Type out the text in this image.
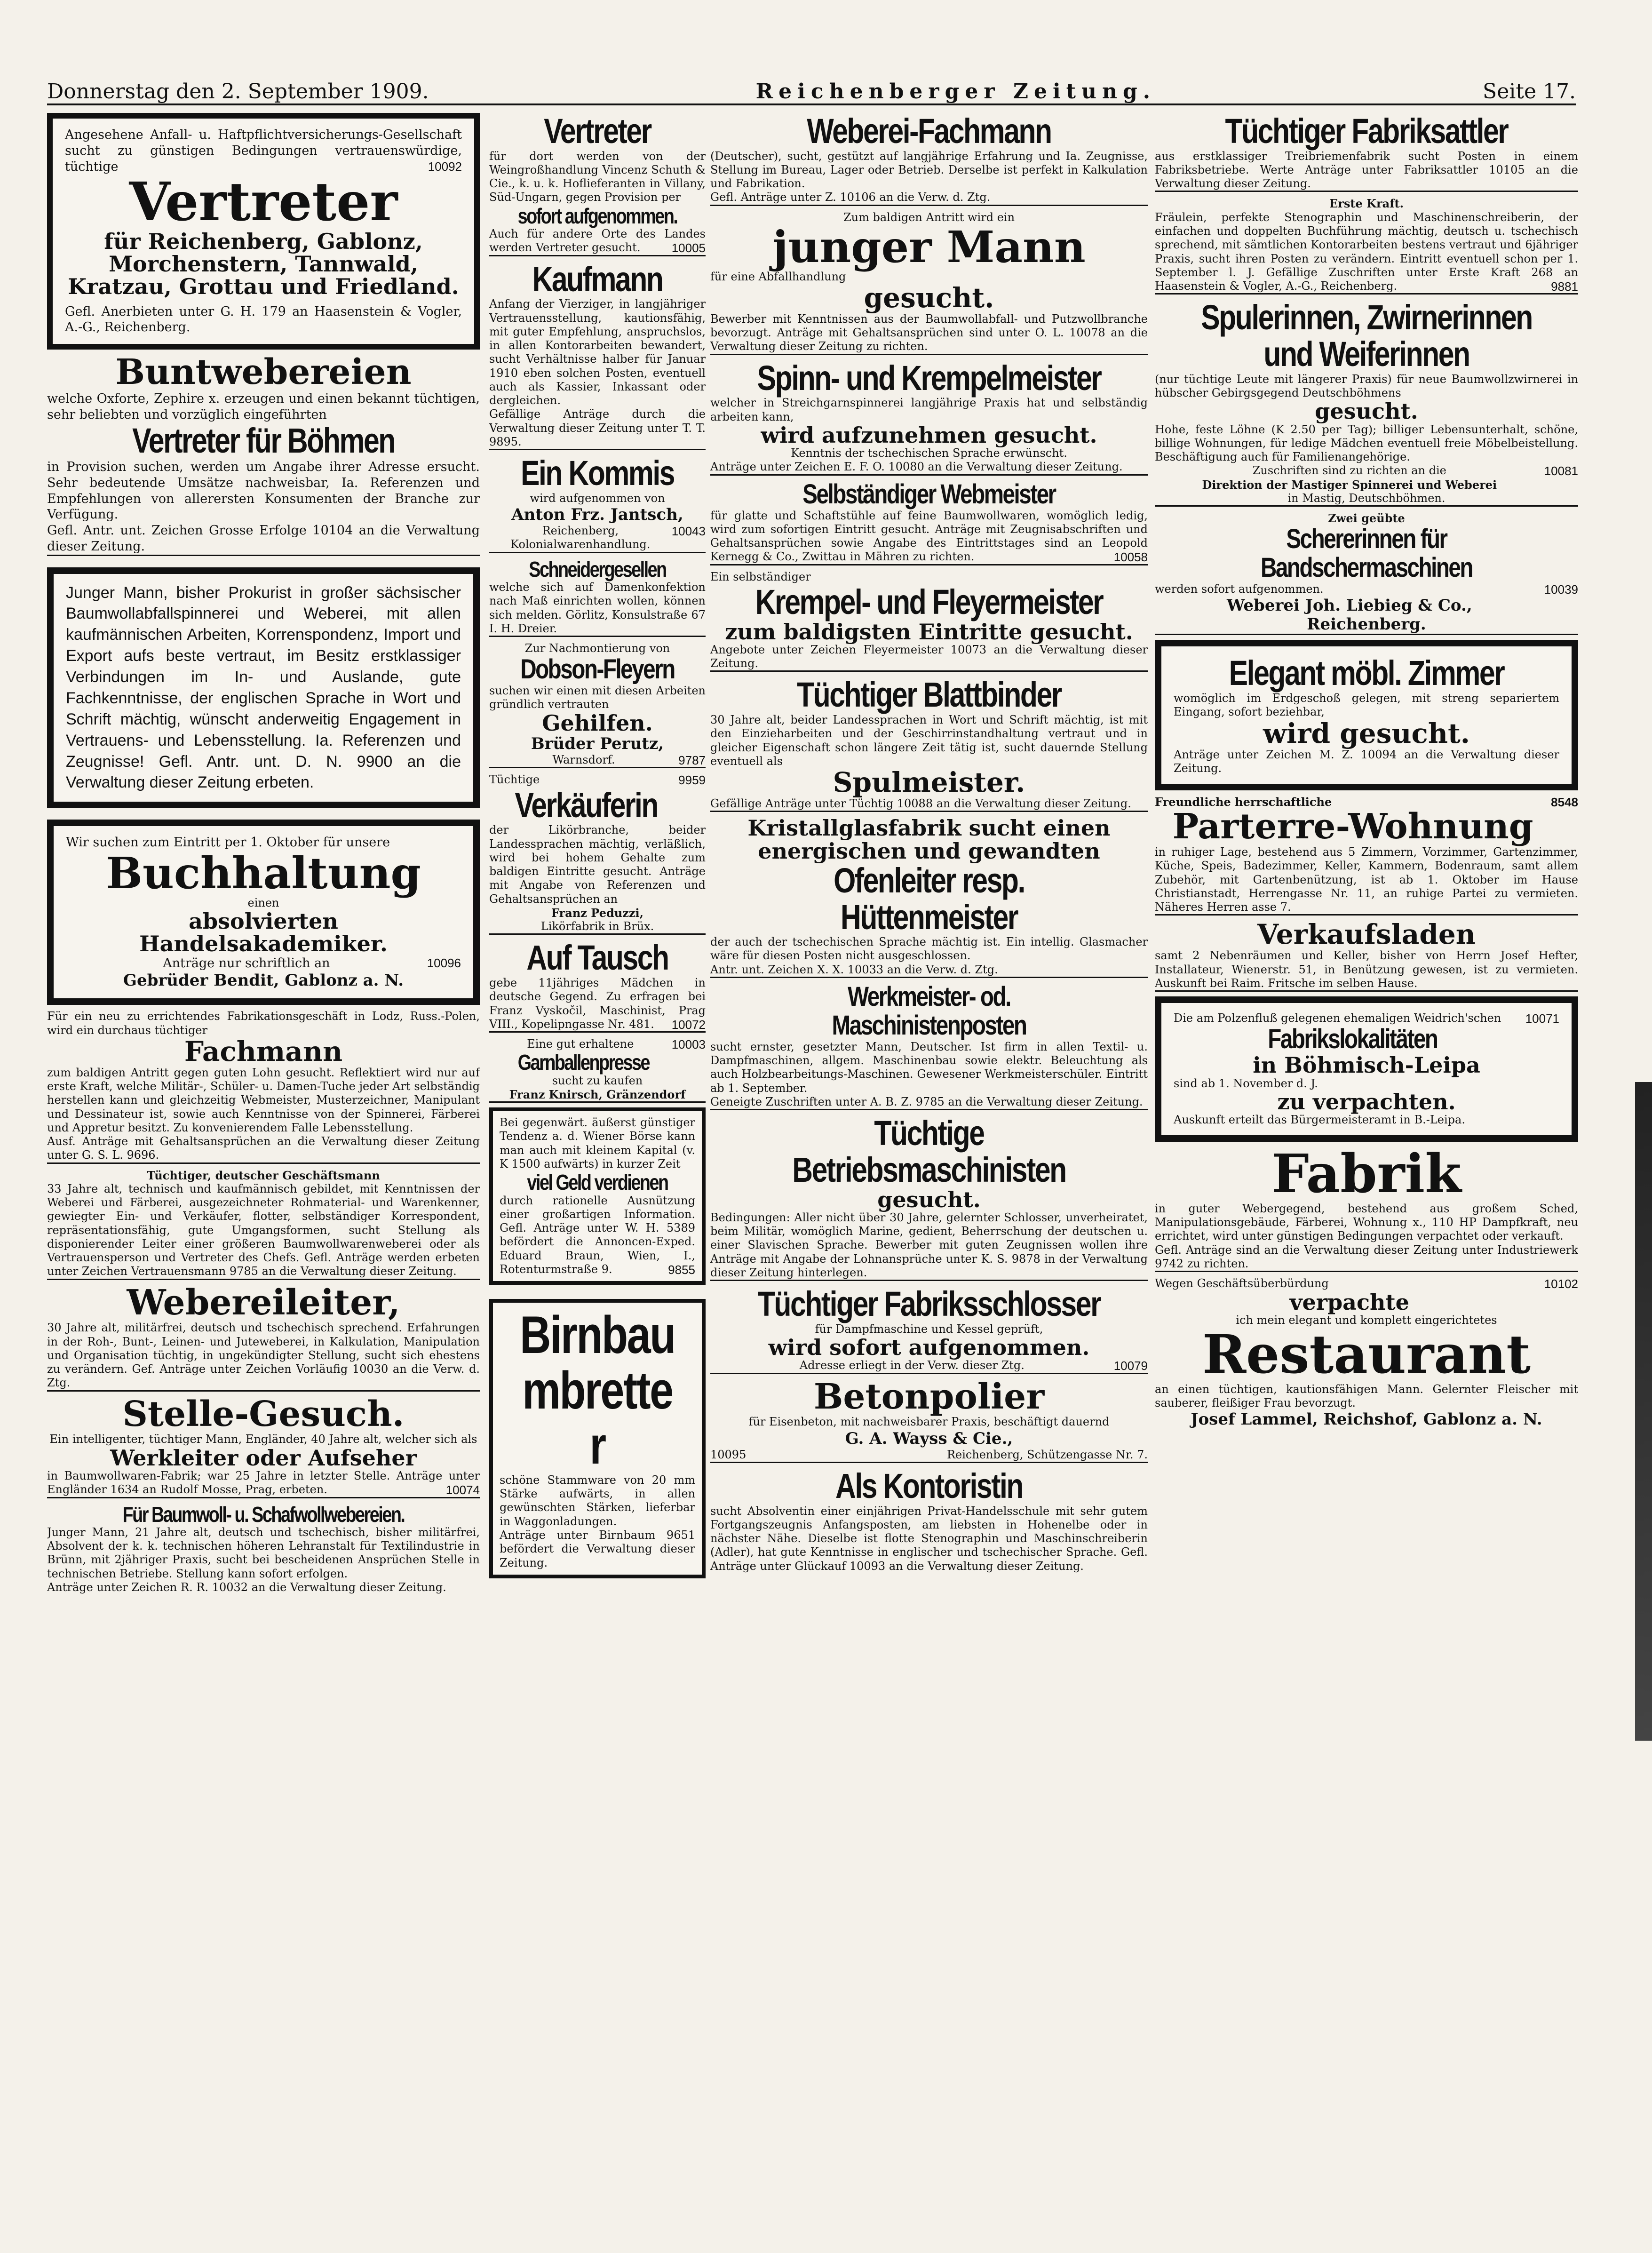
Donnerstag den 2. September 1909.	Reichenberger Zeitung.	Seite 17.
Angesehene Anfall- u. Haftpflichtversicherungs-Gesellschaft sucht zu günstigen Bedingungen vertrauenswürdige, tüchtige	10092
Vertreter
für Reichenberg, Gablonz, Morchenstern, Tannwald, Kratzau, Grottau und Friedland.
Gefl. Anerbieten unter G. H. 179 an Haasenstein & Vogler, A.-G., Reichenberg.
Buntwebereien
welche Oxforte, Zephire x. erzeugen und einen bekannt tüchtigen, sehr beliebten und vorzüglich eingeführten
Vertreter für Böhmen
in Provision suchen, werden um Angabe ihrer Adresse ersucht. Sehr bedeutende Umsätze nachweisbar, Ia. Referenzen und Empfehlungen von allerersten Konsumenten der Branche zur Verfügung.
Gefl. Antr. unt. Zeichen Grosse Erfolge 10104 an die Verwaltung dieser Zeitung.
Junger Mann, bisher Prokurist in großer sächsischer Baumwollabfallspinnerei und Weberei, mit allen kaufmännischen Arbeiten, Korrenspondenz, Import und Export aufs beste vertraut, im Besitz erstklassiger Verbindungen im In- und Auslande, gute Fachkenntnisse, der englischen Sprache in Wort und Schrift mächtig, wünscht anderweitig Engagement in Vertrauens- und Lebensstellung. Ia. Referenzen und Zeugnisse! Gefl. Antr. unt. D. N. 9900 an die Verwaltung dieser Zeitung erbeten.
Wir suchen zum Eintritt per 1. Oktober für unsere
Buchhaltung
einen
absolvierten Handelsakademiker.
Anträge nur schriftlich an	10096
Gebrüder Bendit, Gablonz a. N.
Für ein neu zu errichtendes Fabrikationsgeschäft in Lodz, Russ.-Polen, wird ein durchaus tüchtiger
Fachmann
zum baldigen Antritt gegen guten Lohn gesucht. Reflektiert wird nur auf erste Kraft, welche Militär-, Schüler- u. Damen-Tuche jeder Art selbständig herstellen kann und gleichzeitig Webmeister, Musterzeichner, Manipulant und Dessinateur ist, sowie auch Kenntnisse von der Spinnerei, Färberei und Appretur besitzt. Zu konvenierendem Falle Lebensstellung.
Ausf. Anträge mit Gehaltsansprüchen an die Verwaltung dieser Zeitung unter G. S. L. 9696.
Tüchtiger, deutscher Geschäftsmann
33 Jahre alt, technisch und kaufmännisch gebildet, mit Kenntnissen der Weberei und Färberei, ausgezeichneter Rohmaterial- und Warenkenner, gewiegter Ein- und Verkäufer, flotter, selbständiger Korrespondent, repräsentationsfähig, gute Umgangsformen, sucht Stellung als disponierender Leiter einer größeren Baumwollwarenweberei oder als Vertrauensperson und Vertreter des Chefs. Gefl. Anträge werden erbeten unter Zeichen Vertrauensmann 9785 an die Verwaltung dieser Zeitung.
Webereileiter,
30 Jahre alt, militärfrei, deutsch und tschechisch sprechend. Erfahrungen in der Roh-, Bunt-, Leinen- und Juteweberei, in Kalkulation, Manipulation und Organisation tüchtig, in ungekündigter Stellung, sucht sich ehestens zu verändern. Gef. Anträge unter Zeichen Vorläufig 10030 an die Verw. d. Ztg.
Stelle-Gesuch.
Ein intelligenter, tüchtiger Mann, Engländer, 40 Jahre alt, welcher sich als
Werkleiter oder Aufseher
in Baumwollwaren-Fabrik; war 25 Jahre in letzter Stelle. Anträge unter Engländer 1634 an Rudolf Mosse, Prag, erbeten.	10074
Für Baumwoll- u. Schafwollwebereien.
Junger Mann, 21 Jahre alt, deutsch und tschechisch, bisher militärfrei, Absolvent der k. k. technischen höheren Lehranstalt für Textilindustrie in Brünn, mit 2jähriger Praxis, sucht bei bescheidenen Ansprüchen Stelle in technischen Betriebe. Stellung kann sofort erfolgen.
Anträge unter Zeichen R. R. 10032 an die Verwaltung dieser Zeitung.
Vertreter
für dort werden von der Weingroßhandlung Vincenz Schuth & Cie., k. u. k. Hoflieferanten in Villany, Süd-Ungarn, gegen Provision per
sofort aufgenommen.
Auch für andere Orte des Landes werden Vertreter gesucht.	10005
Kaufmann
Anfang der Vierziger, in langjähriger Vertrauensstellung, kautionsfähig, mit guter Empfehlung, anspruchslos, in allen Kontorarbeiten bewandert, sucht Verhältnisse halber für Januar 1910 eben solchen Posten, eventuell auch als Kassier, Inkassant oder dergleichen.
Gefällige Anträge durch die Verwaltung dieser Zeitung unter T. T. 9895.
Ein Kommis
wird aufgenommen von
Anton Frz. Jantsch,
Reichenberg,	10043
Kolonialwarenhandlung.
Schneidergesellen
welche sich auf Damenkonfektion nach Maß einrichten wollen, können sich melden. Görlitz, Konsulstraße 67 I. H. Dreier.
Zur Nachmontierung von
Dobson-Fleyern
suchen wir einen mit diesen Arbeiten gründlich vertrauten
Gehilfen.
Brüder Perutz,
Warnsdorf.	9787
Tüchtige	9959
Verkäuferin
der Likörbranche, beider Landessprachen mächtig, verläßlich, wird bei hohem Gehalte zum baldigen Eintritte gesucht. Anträge mit Angabe von Referenzen und Gehaltsansprüchen an
Franz Peduzzi,
Likörfabrik in Brüx.
Auf Tausch
gebe 11jähriges Mädchen in deutsche Gegend. Zu erfragen bei Franz Vyskočil, Maschinist, Prag VIII., Kopelipngasse Nr. 481. 10072
Eine gut erhaltene	10003
Garnballenpresse
sucht zu kaufen
Franz Knirsch, Gränzendorf
Bei gegenwärt. äußerst günstiger Tendenz a. d. Wiener Börse kann man auch mit kleinem Kapital (v. K 1500 aufwärts) in kurzer Zeit
viel Geld verdienen
durch rationelle Ausnützung einer großartigen Information. Gefl. Anträge unter W. H. 5389 befördert die Annoncen-Exped. Eduard Braun, Wien, I., Rotenturmstraße 9.	9855
Birnbaumbretter
schöne Stammware von 20 mm Stärke aufwärts, in allen gewünschten Stärken, lieferbar in Waggonladungen.
Anträge unter Birnbaum 9651 befördert die Verwaltung dieser Zeitung.
Weberei-Fachmann
(Deutscher), sucht, gestützt auf langjährige Erfahrung und Ia. Zeugnisse, Stellung im Bureau, Lager oder Betrieb. Derselbe ist perfekt in Kalkulation und Fabrikation.
Gefl. Anträge unter Z. 10106 an die Verw. d. Ztg.
Zum baldigen Antritt wird ein
junger Mann
für eine Abfallhandlung
gesucht.
Bewerber mit Kenntnissen aus der Baumwollabfall- und Putzwollbranche bevorzugt. Anträge mit Gehaltsansprüchen sind unter O. L. 10078 an die Verwaltung dieser Zeitung zu richten.
Spinn- und Krempelmeister
welcher in Streichgarnspinnerei langjährige Praxis hat und selbständig arbeiten kann,
wird aufzunehmen gesucht.
Kenntnis der tschechischen Sprache erwünscht.
Anträge unter Zeichen E. F. O. 10080 an die Verwaltung dieser Zeitung.
Selbständiger Webmeister
für glatte und Schaftstühle auf feine Baumwollwaren, womöglich ledig, wird zum sofortigen Eintritt gesucht. Anträge mit Zeugnisabschriften und Gehaltsansprüchen sowie Angabe des Eintrittstages sind an Leopold Kernegg & Co., Zwittau in Mähren zu richten.	10058
Ein selbständiger
Krempel- und Fleyermeister
zum baldigsten Eintritte gesucht.
Angebote unter Zeichen Fleyermeister 10073 an die Verwaltung dieser Zeitung.
Tüchtiger Blattbinder
30 Jahre alt, beider Landessprachen in Wort und Schrift mächtig, ist mit den Einzieharbeiten und der Geschirrinstandhaltung vertraut und in gleicher Eigenschaft schon längere Zeit tätig ist, sucht dauernde Stellung eventuell als
Spulmeister.
Gefällige Anträge unter Tüchtig 10088 an die Verwaltung dieser Zeitung.
Kristallglasfabrik sucht einen energischen und gewandten
Ofenleiter resp. Hüttenmeister
der auch der tschechischen Sprache mächtig ist. Ein intellig. Glasmacher wäre für diesen Posten nicht ausgeschlossen.
Antr. unt. Zeichen X. X. 10033 an die Verw. d. Ztg.
Werkmeister- od. Maschinistenposten
sucht ernster, gesetzter Mann, Deutscher. Ist firm in allen Textil- u. Dampfmaschinen, allgem. Maschinenbau sowie elektr. Beleuchtung als auch Holzbearbeitungs-Maschinen. Gewesener Werkmeisterschüler. Eintritt ab 1. September.
Geneigte Zuschriften unter A. B. Z. 9785 an die Verwaltung dieser Zeitung.
Tüchtige Betriebsmaschinisten
gesucht.
Bedingungen: Aller nicht über 30 Jahre, gelernter Schlosser, unverheiratet, beim Militär, womöglich Marine, gedient, Beherrschung der deutschen u. einer Slavischen Sprache. Bewerber mit guten Zeugnissen wollen ihre Anträge mit Angabe der Lohnansprüche unter K. S. 9878 in der Verwaltung dieser Zeitung hinterlegen.
Tüchtiger Fabriksschlosser
für Dampfmaschine und Kessel geprüft,
wird sofort aufgenommen.
Adresse erliegt in der Verw. dieser Ztg.	10079
Betonpolier
für Eisenbeton, mit nachweisbarer Praxis, beschäftigt dauernd
G. A. Wayss & Cie.,
10095	Reichenberg, Schützengasse Nr. 7.
Als Kontoristin
sucht Absolventin einer einjährigen Privat-Handelsschule mit sehr gutem Fortgangszeugnis Anfangsposten, am liebsten in Hohenelbe oder in nächster Nähe. Dieselbe ist flotte Stenographin und Maschinschreiberin (Adler), hat gute Kenntnisse in englischer und tschechischer Sprache. Gefl. Anträge unter Glückauf 10093 an die Verwaltung dieser Zeitung.
Tüchtiger Fabriksattler
aus erstklassiger Treibriemenfabrik sucht Posten in einem Fabriksbetriebe. Werte Anträge unter Fabriksattler 10105 an die Verwaltung dieser Zeitung.
Erste Kraft.
Fräulein, perfekte Stenographin und Maschinenschreiberin, der einfachen und doppelten Buchführung mächtig, deutsch u. tschechisch sprechend, mit sämtlichen Kontorarbeiten bestens vertraut und 6jähriger Praxis, sucht ihren Posten zu verändern. Eintritt eventuell schon per 1. September l. J. Gefällige Zuschriften unter Erste Kraft 268 an Haasenstein & Vogler, A.-G., Reichenberg.	9881
Spulerinnen, Zwirnerinnen und Weiferinnen
(nur tüchtige Leute mit längerer Praxis) für neue Baumwollzwirnerei in hübscher Gebirgsgegend Deutschböhmens
gesucht.
Hohe, feste Löhne (K 2.50 per Tag); billiger Lebensunterhalt, schöne, billige Wohnungen, für ledige Mädchen eventuell freie Möbelbeistellung. Beschäftigung auch für Familienangehörige.
Zuschriften sind zu richten an die	10081
Direktion der Mastiger Spinnerei und Weberei
in Mastig, Deutschböhmen.
Zwei geübte
Schererinnen für Bandschermaschinen
werden sofort aufgenommen.	10039
Weberei Joh. Liebieg & Co.,
Reichenberg.
Elegant möbl. Zimmer
womöglich im Erdgeschoß gelegen, mit streng separiertem Eingang, sofort beziehbar,
wird gesucht.
Anträge unter Zeichen M. Z. 10094 an die Verwaltung dieser Zeitung.
Freundliche herrschaftliche	8548
Parterre-Wohnung
in ruhiger Lage, bestehend aus 5 Zimmern, Vorzimmer, Gartenzimmer, Küche, Speis, Badezimmer, Keller, Kammern, Bodenraum, samt allem Zubehör, mit Gartenbenützung, ist ab 1. Oktober im Hause Christianstadt, Herrengasse Nr. 11, an ruhige Partei zu vermieten. Näheres Herren asse 7.
Verkaufsladen
samt 2 Nebenräumen und Keller, bisher von Herrn Josef Hefter, Installateur, Wienerstr. 51, in Benützung gewesen, ist zu vermieten. Auskunft bei Raim. Fritsche im selben Hause.
Die am Polzenfluß gelegenen ehemaligen Weidrich'schen 10071
Fabrikslokalitäten
in Böhmisch-Leipa
sind ab 1. November d. J.
zu verpachten.
Auskunft erteilt das Bürgermeisteramt in B.-Leipa.
Fabrik
in guter Webergegend, bestehend aus großem Sched, Manipulationsgebäude, Färberei, Wohnung x., 110 HP Dampfkraft, neu errichtet, wird unter günstigen Bedingungen verpachtet oder verkauft.
Gefl. Anträge sind an die Verwaltung dieser Zeitung unter Industriewerk 9742 zu richten.
Wegen Geschäftsüberbürdung	10102
verpachte
ich mein elegant und komplett eingerichtetes
Restaurant
an einen tüchtigen, kautionsfähigen Mann. Gelernter Fleischer mit sauberer, fleißiger Frau bevorzugt.
Josef Lammel, Reichshof, Gablonz a. N.
